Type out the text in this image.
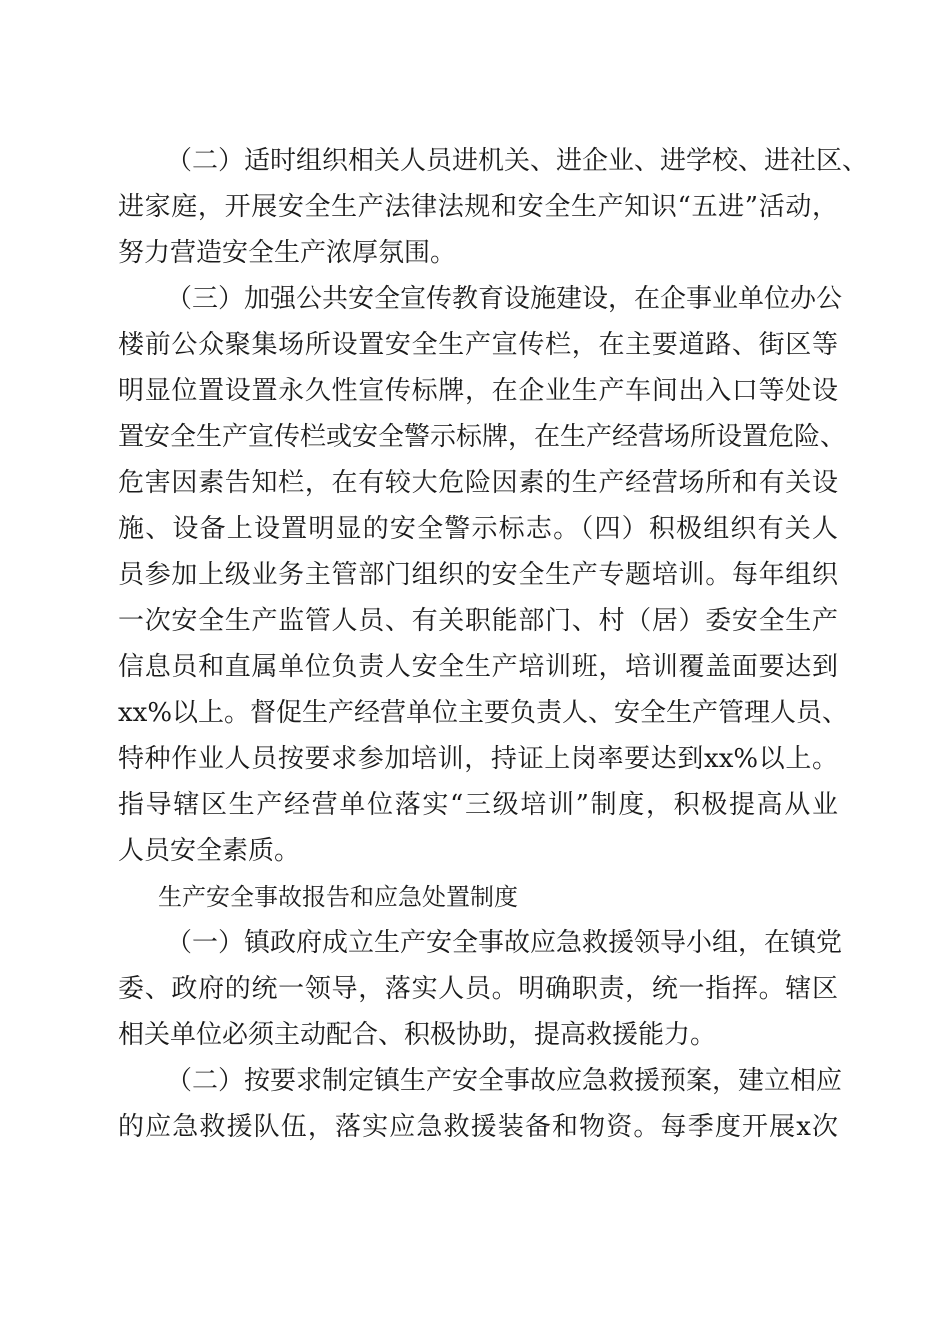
（二）适时组织相关人员进机关、进企业、进学校、进社区、
进家庭，开展安全生产法律法规和安全生产知识“五进”活动，
努力营造安全生产浓厚氛围。
（三）加强公共安全宣传教育设施建设，在企事业单位办公
楼前公众聚集场所设置安全生产宣传栏，在主要道路、街区等
明显位置设置永久性宣传标牌，在企业生产车间出入口等处设
置安全生产宣传栏或安全警示标牌，在生产经营场所设置危险、
危害因素告知栏，在有较大危险因素的生产经营场所和有关设
施、设备上设置明显的安全警示标志。（四）积极组织有关人
员参加上级业务主管部门组织的安全生产专题培训。每年组织
一次安全生产监管人员、有关职能部门、村（居）委安全生产
信息员和直属单位负责人安全生产培训班，培训覆盖面要达到
xx%以上。督促生产经营单位主要负责人、安全生产管理人员、
特种作业人员按要求参加培训，持证上岗率要达到xx%以上。
指导辖区生产经营单位落实“三级培训”制度，积极提高从业
人员安全素质。
生产安全事故报告和应急处置制度
（一）镇政府成立生产安全事故应急救援领导小组，在镇党
委、政府的统一领导，落实人员。明确职责，统一指挥。辖区
相关单位必须主动配合、积极协助，提高救援能力。
（二）按要求制定镇生产安全事故应急救援预案，建立相应
的应急救援队伍，落实应急救援装备和物资。每季度开展x次
